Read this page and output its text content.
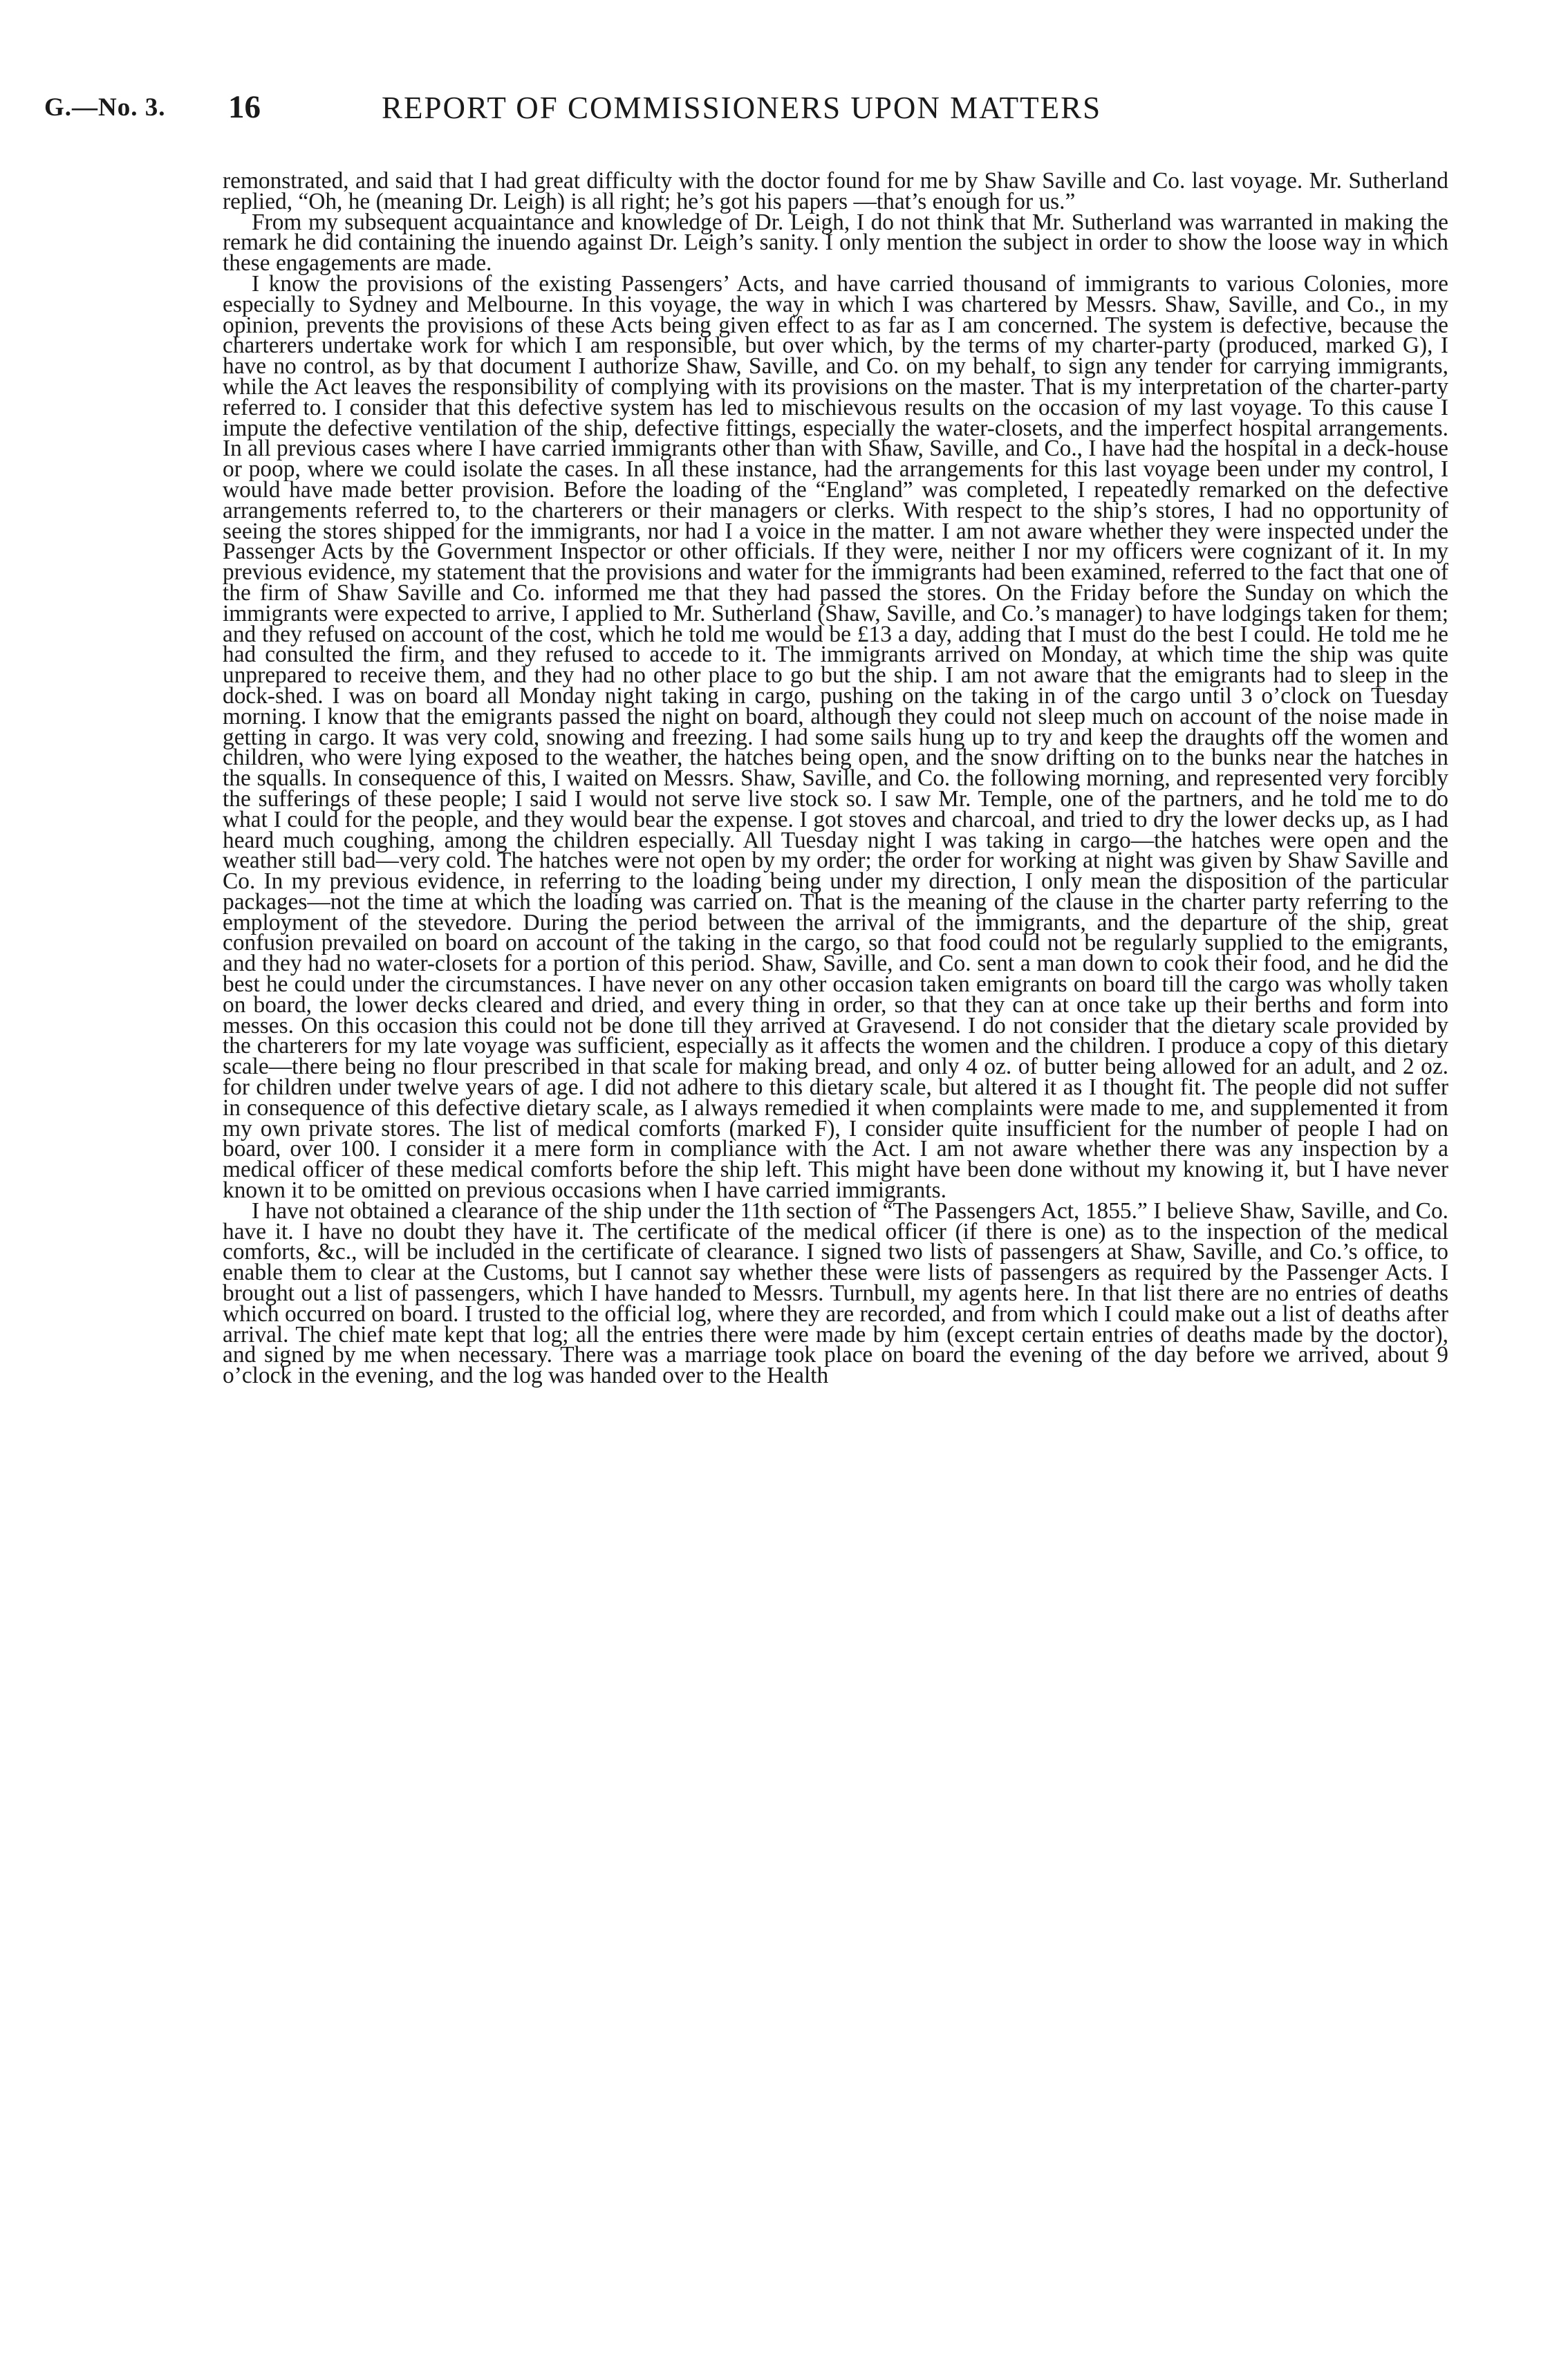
G.—No. 3. 16	REPORT OF COMMISSIONERS UPON MATTERS

remonstrated, and said that I had great difficulty with the doctor found for me by Shaw Saville and Co. last voyage. Mr. Sutherland replied, “Oh, he (meaning Dr. Leigh) is all right; he’s got his papers —that’s enough for us.”

From my subsequent acquaintance and knowledge of Dr. Leigh, I do not think that Mr. Sutherland was warranted in making the remark he did containing the inuendo against Dr. Leigh’s sanity. I only mention the subject in order to show the loose way in which these engagements are made.

I know the provisions of the existing Passengers’ Acts, and have carried thousand of immigrants to various Colonies, more especially to Sydney and Melbourne. In this voyage, the way in which I was chartered by Messrs. Shaw, Saville, and Co., in my opinion, prevents the provisions of these Acts being given effect to as far as I am concerned. The system is defective, because the charterers undertake work for which I am responsible, but over which, by the terms of my charter-party (produced, marked G), I have no control, as by that document I authorize Shaw, Saville, and Co. on my behalf, to sign any tender for carrying immigrants, while the Act leaves the responsibility of complying with its provisions on the master. That is my interpretation of the charter-party referred to. I consider that this defective system has led to mischievous results on the occasion of my last voyage. To this cause I impute the defective ventilation of the ship, defective fittings, especially the water-closets, and the imperfect hospital arrangements. In all previous cases where I have carried immigrants other than with Shaw, Saville, and Co., I have had the hospital in a deck-house or poop, where we could isolate the cases. In all these instance, had the arrangements for this last voyage been under my control, I would have made better provision. Before the loading of the “England” was completed, I repeatedly remarked on the defective arrangements referred to, to the charterers or their managers or clerks. With respect to the ship’s stores, I had no opportunity of seeing the stores shipped for the immigrants, nor had I a voice in the matter. I am not aware whether they were inspected under the Passenger Acts by the Government Inspector or other officials. If they were, neither I nor my officers were cognizant of it. In my previous evidence, my statement that the provisions and water for the immigrants had been examined, referred to the fact that one of the firm of Shaw Saville and Co. informed me that they had passed the stores. On the Friday before the Sunday on which the immigrants were expected to arrive, I applied to Mr. Sutherland (Shaw, Saville, and Co.’s manager) to have lodgings taken for them; and they refused on account of the cost, which he told me would be £13 a day, adding that I must do the best I could. He told me he had consulted the firm, and they refused to accede to it. The immigrants arrived on Monday, at which time the ship was quite unprepared to receive them, and they had no other place to go but the ship. I am not aware that the emigrants had to sleep in the dock-shed. I was on board all Monday night taking in cargo, pushing on the taking in of the cargo until 3 o’clock on Tuesday morning. I know that the emigrants passed the night on board, although they could not sleep much on account of the noise made in getting in cargo. It was very cold, snowing and freezing. I had some sails hung up to try and keep the draughts off the women and children, who were lying exposed to the weather, the hatches being open, and the snow drifting on to the bunks near the hatches in the squalls. In consequence of this, I waited on Messrs. Shaw, Saville, and Co. the following morning, and represented very forcibly the sufferings of these people; I said I would not serve live stock so. I saw Mr. Temple, one of the partners, and he told me to do what I could for the people, and they would bear the expense. I got stoves and charcoal, and tried to dry the lower decks up, as I had heard much coughing, among the children especially. All Tuesday night I was taking in cargo—the hatches were open and the weather still bad—very cold. The hatches were not open by my order; the order for working at night was given by Shaw Saville and Co. In my previous evidence, in referring to the loading being under my direction, I only mean the disposition of the particular packages—not the time at which the loading was carried on. That is the meaning of the clause in the charter party referring to the employment of the stevedore. During the period between the arrival of the immigrants, and the departure of the ship, great confusion prevailed on board on account of the taking in the cargo, so that food could not be regularly supplied to the emigrants, and they had no water-closets for a portion of this period. Shaw, Saville, and Co. sent a man down to cook their food, and he did the best he could under the circumstances. I have never on any other occasion taken emigrants on board till the cargo was wholly taken on board, the lower decks cleared and dried, and every thing in order, so that they can at once take up their berths and form into messes. On this occasion this could not be done till they arrived at Gravesend. I do not consider that the dietary scale provided by the charterers for my late voyage was sufficient, especially as it affects the women and the children. I produce a copy of this dietary scale—there being no flour prescribed in that scale for making bread, and only 4 oz. of butter being allowed for an adult, and 2 oz. for children under twelve years of age. I did not adhere to this dietary scale, but altered it as I thought fit. The people did not suffer in consequence of this defective dietary scale, as I always remedied it when complaints were made to me, and supplemented it from my own private stores. The list of medical comforts (marked F), I consider quite insufficient for the number of people I had on board, over 100. I consider it a mere form in compliance with the Act. I am not aware whether there was any inspection by a medical officer of these medical comforts before the ship left. This might have been done without my knowing it, but I have never known it to be omitted on previous occasions when I have carried immigrants.

I have not obtained a clearance of the ship under the 11th section of “The Passengers Act, 1855.” I believe Shaw, Saville, and Co. have it. I have no doubt they have it. The certificate of the medical officer (if there is one) as to the inspection of the medical comforts, &c., will be included in the certificate of clearance. I signed two lists of passengers at Shaw, Saville, and Co.’s office, to enable them to clear at the Customs, but I cannot say whether these were lists of passengers as required by the Passenger Acts. I brought out a list of passengers, which I have handed to Messrs. Turnbull, my agents here. In that list there are no entries of deaths which occurred on board. I trusted to the official log, where they are recorded, and from which I could make out a list of deaths after arrival. The chief mate kept that log; all the entries there were made by him (except certain entries of deaths made by the doctor), and signed by me when necessary. There was a marriage took place on board the evening of the day before we arrived, about 9 o’clock in the evening, and the log was handed over to the Health
